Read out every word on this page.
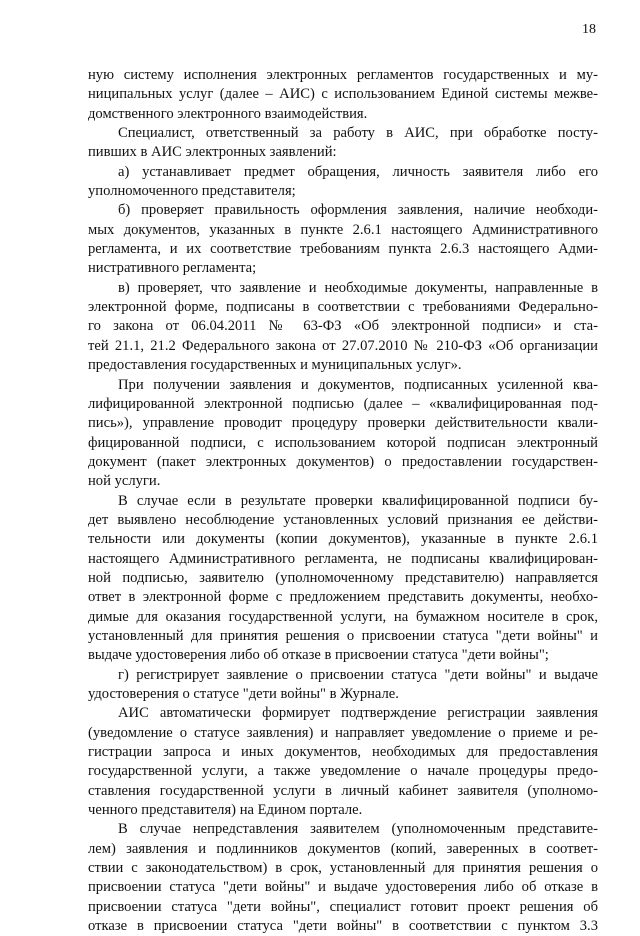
18
ную систему исполнения электронных регламентов государственных и му-
ниципальных услуг (далее – АИС) с использованием Единой системы межве-
домственного электронного взаимодействия.
Специалист, ответственный за работу в АИС, при обработке посту-
пивших в АИС электронных заявлений:
а) устанавливает предмет обращения, личность заявителя либо его
уполномоченного представителя;
б) проверяет правильность оформления заявления, наличие необходи-
мых документов, указанных в пункте 2.6.1 настоящего Административного
регламента, и их соответствие требованиям пункта 2.6.3 настоящего Адми-
нистративного регламента;
в) проверяет, что заявление и необходимые документы, направленные в
электронной форме, подписаны в соответствии с требованиями Федерально-
го закона от 06.04.2011 № 63-ФЗ «Об электронной подписи» и ста-
тей 21.1, 21.2 Федерального закона от 27.07.2010 № 210-ФЗ «Об организации
предоставления государственных и муниципальных услуг».
При получении заявления и документов, подписанных усиленной ква-
лифицированной электронной подписью (далее – «квалифицированная под-
пись»), управление проводит процедуру проверки действительности квали-
фицированной подписи, с использованием которой подписан электронный
документ (пакет электронных документов) о предоставлении государствен-
ной услуги.
В случае если в результате проверки квалифицированной подписи бу-
дет выявлено несоблюдение установленных условий признания ее действи-
тельности или документы (копии документов), указанные в пункте 2.6.1
настоящего Административного регламента, не подписаны квалифицирован-
ной подписью, заявителю (уполномоченному представителю) направляется
ответ в электронной форме с предложением представить документы, необхо-
димые для оказания государственной услуги, на бумажном носителе в срок,
установленный для принятия решения о присвоении статуса "дети войны" и
выдаче удостоверения либо об отказе в присвоении статуса "дети войны";
г) регистрирует заявление о присвоении статуса "дети войны" и выдаче
удостоверения о статусе "дети войны" в Журнале.
АИС автоматически формирует подтверждение регистрации заявления
(уведомление о статусе заявления) и направляет уведомление о приеме и ре-
гистрации запроса и иных документов, необходимых для предоставления
государственной услуги, а также уведомление о начале процедуры предо-
ставления государственной услуги в личный кабинет заявителя (уполномо-
ченного представителя) на Едином портале.
В случае непредставления заявителем (уполномоченным представите-
лем) заявления и подлинников документов (копий, заверенных в соответ-
ствии с законодательством) в срок, установленный для принятия решения о
присвоении статуса "дети войны" и выдаче удостоверения либо об отказе в
присвоении статуса "дети войны", специалист готовит проект решения об
отказе в присвоении статуса "дети войны" в соответствии с пунктом 3.3
